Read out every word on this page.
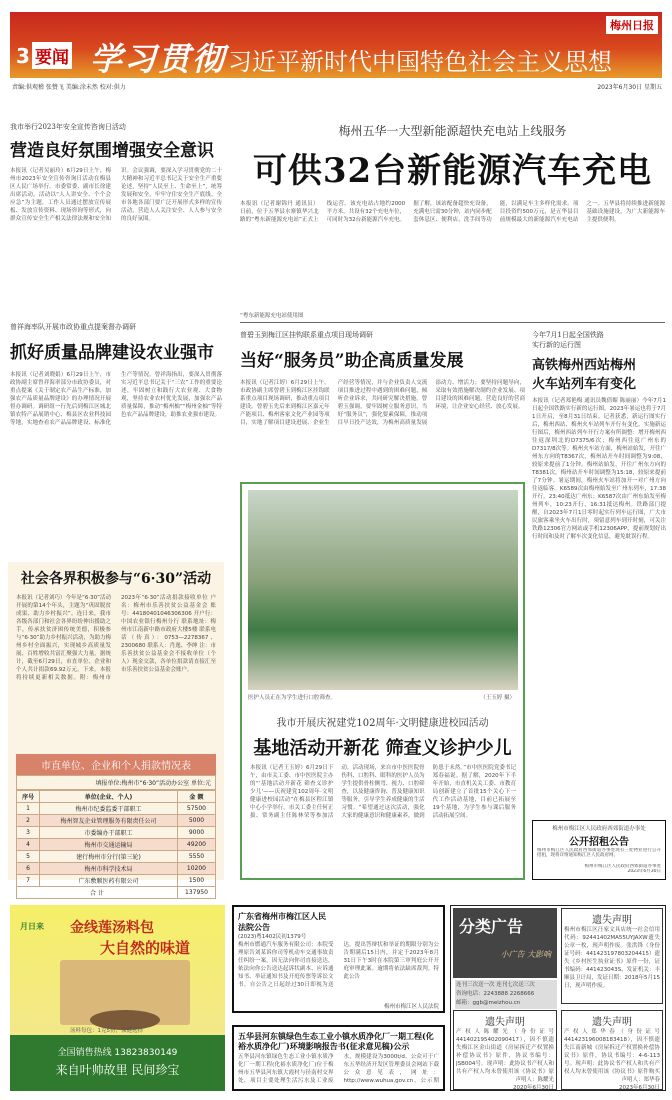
3 要闻 学习贯彻 习近平新时代中国特色社会主义思想
梅州日报
责编:供观稽 张赞飞 美编:涂未然 校对:供力	2023年6月30日 星期五
我市举行2023年安全宣传咨询日活动
营造良好氛围增强安全意识
本报讯（记者吴丽玲）6月29日上午，梅州市2023年安全宣传咨询日活动在梅县区人民广场举行。市委常委、副市长徐建出席活动。活动以“人人讲安全、个个会应急”为主题，工作人员通过摆放宣传展板、发放宣传资料、现场咨询等形式，向群众宣传安全生产相关法律法规和安全知识。会议强调，要深入学习贯彻党的二十大精神和习近平总书记关于安全生产重要论述，坚持“人民至上、生命至上”，统筹发展和安全，牢牢守住安全生产底线。全市各地各部门要广泛开展形式多样的宣传活动，营造人人关注安全、人人参与安全的良好氛围。
梅州五华一大型新能源超快充电站上线服务
可供32台新能源汽车充电
本报讯（记者谢锦丹 通讯员）日前，位于五华县水寨镇华兴北路的“粤东新能源充电站”正式上线运营。该充电站占地约2000平方米，共设有32个充电车位，可同时为32台新能源汽车充电。据了解，该站配备超快充设备，充满电只需30分钟，站内同步配套休息区、便利店、洗手间等功能，以满足车主多样化需求。项目投资约500万元，是五华县目前规模最大的新能源汽车充电站之一。五华县将持续推进新能源基础设施建设，为广大新能源车主提供便利。
“粤东新能源充电站使用图
曾祥海率队开展市政协重点提案督办调研
抓好质量品牌建设农业强市
本报讯（记者刘晓娟）6月29日上午，市政协副主席曾祥海率部分市政协委员，对重点提案《关于制定农产品生产标准，加强农产品质量品牌建设》的办理情况开展督办调研。调研组一行先后到梅江区城北镇农特产品展销中心、梅县区农业科技园等地，实地查看农产品品牌建设、标准化生产等情况。曾祥海指出，要深入贯彻落实习近平总书记关于“三农”工作的重要论述，牢固树立和践行大农业观、大食物观，坚持农业农村优先发展，加强农产品质量保障，推动“梅州柚”“梅州金柚”等特色农产品品牌建设，助推农业强市建设。
社会各界积极参与“6·30”活动
本报讯（记者刘巧）今年是“6·30”活动开展的第14个年头，主题为“巩固脱贫成果、助力乡村振兴”。连日来，我市各级各部门和社会各界纷纷伸出援助之手，传承扶贫济困传统美德，积极参与“6·30”助力乡村振兴活动，为助力梅州乡村全面振兴，实现城乡高质量发展、百姓增收共富汇聚强大力量。据统计，截至6月29日，市直单位、企业和个人共计捐款69.92万元。下来，本报将持续更新相关数据。附：梅州市2023年“6·30”活动捐款接收单位 户名：梅州市乐善扶贫公益基金会 账号：44180401046306306 开户行：中国农业银行梅州分行 联系地址：梅州市江南新中路市政府大楼5楼 联系电话（传真）：0753—2278367、2300680 联系人：肖逸、李绅 注：市乐善扶贫公益基金会不接收单位（个人）现金交款，各单位捐款请直接汇至市乐善扶贫公益基金会账户。
市直单位、企业和个人捐款情况表
填报单位:梅州市“6·30”活动办公室 单位:元
序号	单位(企业、个人)	金 额
1	梅州市纪委监委干部职工	57500
2	梅州智友企业管理服务有限责任公司	5000
3	市委编办干部职工	9000
4	梅州市交通运输局	49200
5	建行梅州市分行(第三轮)	5550
6	梅州市科学技术局	10200
7	广东敷顺医药有限公司	1500
合 计		137950
曾碧玉到梅江区挂钩联系重点项目现场调研
当好“服务员”助企高质量发展
本报讯（记者江婷）6月29日上午，市政协副主席曾碧玉到梅江区挂钩联系重点项目现场调研，推动重点项目建设。曾碧玉先后来到梅江区嘉元年产能项目、梅州客家文化产业园等项目，实地了解项目建设进展、企业生产经营等情况，并与企业负责人交流项目推进过程中遇到的困难问题，倾听企业诉求，共同研究解决措施。曾碧玉强调，要牢固树立服务意识，当好“服务员”，强化要素保障，推动项目早日投产达效，为梅州高质量发展添动力、增活力；要坚持问题导向，采取有效措施解决制约企业发展、项目建设的困难问题，营造良好的营商环境，让企业安心经营、放心发展。
医护人员正在为学生进行口腔筛查。	（王玉婷 摄）
我市开展庆祝建党102周年·文明健康进校园活动
基地活动开新花 筛查义诊护少儿
本报讯（记者王玉婷）6月29日下午，由市关工委、市中医医院主办的“‘基地活动开新花 筛查义诊护少儿’——庆祝建党102周年·文明健康进校园活动”在梅县区程江镇中心小学举行。市关工委主任何正拔、常务副主任陈林荣等参加活动。活动现场，来自市中医医院骨伤科、口腔科、眼科的医护人员为学生提供骨柱侧弯、视力、口腔筛查，以及健康咨询、普及健康知识等服务，引导学生养成健康的生活习惯。“希望通过这次活动，强化大家的健康意识和健康素养，做到防患于未然。”市中医医院党委书记郑春福说。据了解，2020年下半年开始，市直机关关工委、市教育局创新建立了首批15个关心下一代工作活动基地，目前已拓展至19个基地，为学生参与课后服务活动拓展空间。
今年7月1日起全国铁路
实行新的运行图
高铁梅州西站梅州
火车站列车有变化
本报讯（记者郑艳梅 通讯员魏倩媚 陈丽丽）今年7月1日起全国铁路实行新的运行图。2023年暑运也将于7月1日开启，至8月31日结束。记者获悉，新运行图实行后，梅州西站、梅州火车站列车开行有变化。实施新运行图后，梅州西站列车开行方案有所调整：增开梅州西往返深圳北的D7375/6次；梅州西往返广州东的D7317/8次等。梅州火车站方面，梅州站始发，开往广州东方向的T8367次，梅州站开车时间调整为9:08，较原来提前了1分钟。梅州站始发，开往广州东方向的T8381次，梅州站开车时间调整为15:18，较原来提前了7分钟。暑运期间，梅州火车站将加开一对广州方向往返临客。K6589次由梅州始发至广州东列车，17:38开行，23:40抵达广州东；K6587次由广州东始发至梅州列车，10:23开行，16:31抵达梅州。铁路部门提醒，自2023年7月1日零时起实行列车运行图，广大市民旅客乘坐火车出行时，须留意列车到开时刻，可关注铁路12306官方网站或手机12306APP，提前规划好出行时间和及时了解车次变化信息，避免耽误行程。
梅州市梅江区人民政府西郊街道办事处
公开招租公告
梅州市梅江区人民政府西郊街道办事处现有三处物业进行公开招租，现将详情通知梅江区人民政府网。
梅州市梅江区人民政府西郊街道办事处
2023年6月30日
月日来 金线莲汤料包
大自然的味道
汤料每包：1克5份，保健选择
全国销售热线 13823830149
来自叶帅故里 民间珍宝
广东省梅州市梅江区人民法院公告
(2023)粤1402民初1379号
梅州市燃通汽车服务有限公司：本院受理原告刘某诉你司等机动车交通事故责任纠纷一案，因无法向你司直接送达，依法向你公告送达起诉状副本、应诉通知书、举证通知书及开庭传票等诉讼文书。自公告之日起经过30日即视为送达。提出答辩状和举证的期限分别为公告期满后15日内，并定于2023年8月31日下午3时在本院第三审判庭公开开庭审理此案。逾期将依法缺席裁判。特此公告
梅州市梅江区人民法院
五华县河东镇绿色生态工业小镇水质净化厂一期工程(化裕水质净化厂)环境影响报告书(征求意见稿)公示
五华县河东镇绿色生态工业小镇水质净化厂一期工程(化裕水质净化厂)位于梅州市五华县河东镇大霞村与径南村交界处，项目主要处理生活污水及工业废水，规模建设为3000t/d。公众可于广东五华经济开发区管理委员会网站下载公众意见表，网址：http://www.wuhua.gov.cn，公示期
分类广告
小广告 大影响
连刊三次送一次 连刊七次送三次
咨询电话：2243888 2268666
邮箱：ggb@meizhou.cn
遗失声明
梅州市梅江区汪家文具店统一社会信用代码：92441402MA55UYJAXW遗失公章一枚，现声明作废。张洪锋（身份证号码：441423197803204415）遗失《乡村医生执业证书》原件一份，证书编码：441423043S，发证机关：丰顺县卫计局，发证日期：2018年5月15日，现声明作废。
遗失声明
产权人陈耀光（身份证号441402195402090417），因不慎遗失梅江区金山街道《房屋拆迁产权置换补偿协议书》原件，协议书编号：JSB004号。现声明：此协议书产权人和共有产权人均未曾使用该《协议书》原
声明人：陈耀光
2020年6月30日
遗失声明
产权人郑华春（身份证号441423196008183418），因不慎遗失江南新城《房屋拆迁产权置换补偿协议书》原件，协议书编号：4-6-113号。现声明：此协议书产权人和共有产权人均未曾使用该《协议书》原件购买
声明人：郑华春
2023年6月30日
